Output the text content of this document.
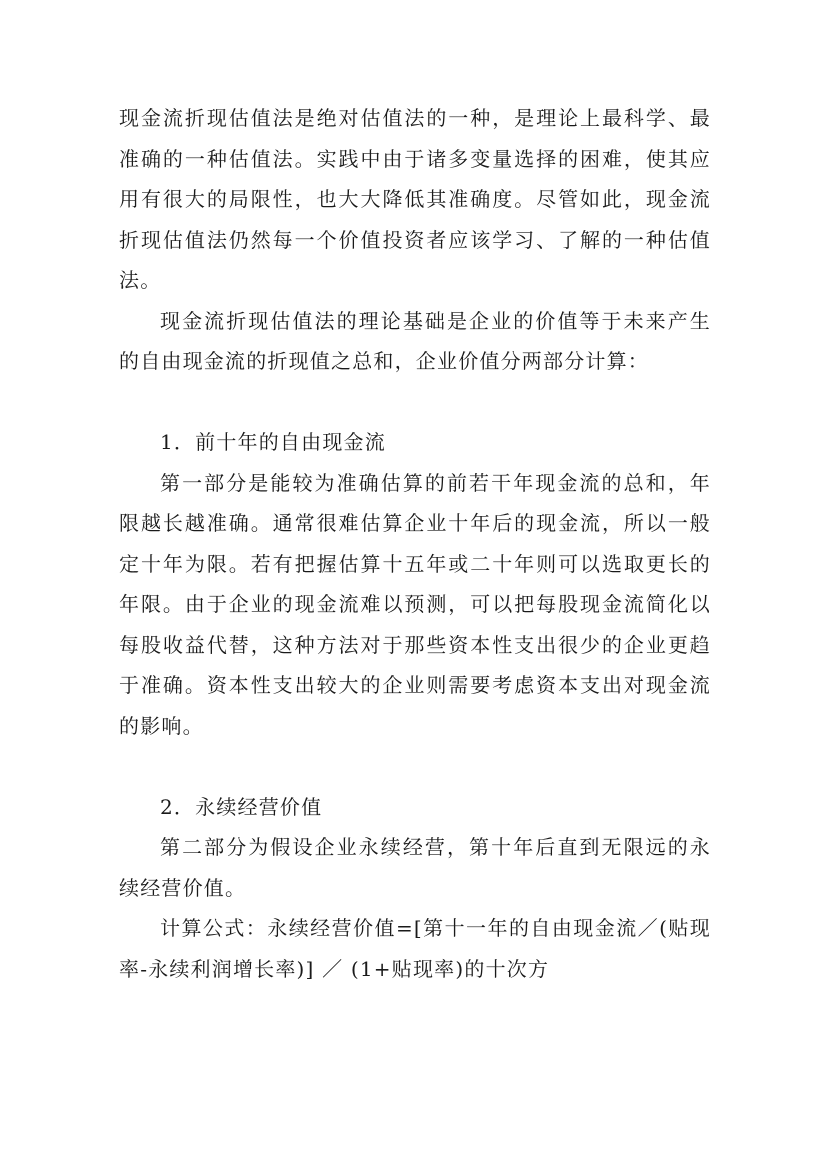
现金流折现估值法是绝对估值法的一种，是理论上最科学、最准确的一种估值法。实践中由于诸多变量选择的困难，使其应用有很大的局限性，也大大降低其准确度。尽管如此，现金流折现估值法仍然每一个价值投资者应该学习、了解的一种估值法。

现金流折现估值法的理论基础是企业的价值等于未来产生的自由现金流的折现值之总和，企业价值分两部分计算：

1．前十年的自由现金流

第一部分是能较为准确估算的前若干年现金流的总和，年限越长越准确。通常很难估算企业十年后的现金流，所以一般定十年为限。若有把握估算十五年或二十年则可以选取更长的年限。由于企业的现金流难以预测，可以把每股现金流简化以每股收益代替，这种方法对于那些资本性支出很少的企业更趋于准确。资本性支出较大的企业则需要考虑资本支出对现金流的影响。

2．永续经营价值

第二部分为假设企业永续经营，第十年后直到无限远的永续经营价值。

计算公式：永续经营价值=[第十一年的自由现金流／(贴现率-永续利润增长率)] ／ (1+贴现率)的十次方
